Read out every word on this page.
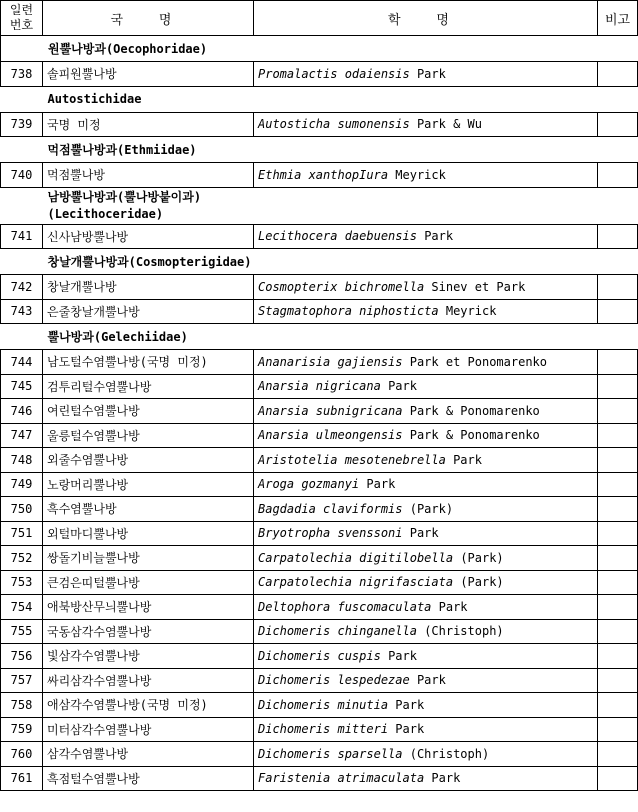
일련
번호	국 명	학 명	비고
원뿔나방과(Oecophoridae)			
738	솔피원뿔나방	Promalactis odaiensis Park	
Autostichidae			
739	국명 미정	Autosticha sumonensis Park & Wu	
먹점뿔나방과(Ethmiidae)			
740	먹점뿔나방	Ethmia xanthopIura Meyrick	
남방뿔나방과(뿔나방붙이과)
(Lecithoceridae)			
741	신사남방뿔나방	Lecithocera daebuensis Park	
창날개뿔나방과(Cosmopterigidae)			
742	창날개뿔나방	Cosmopterix bichromella Sinev et Park	
743	은줄창날개뿔나방	Stagmatophora niphosticta Meyrick	
뿔나방과(Gelechiidae)			
744	남도털수염뿔나방(국명 미정)	Ananarisia gajiensis Park et Ponomarenko	
745	검투리털수염뿔나방	Anarsia nigricana Park	
746	여린털수염뿔나방	Anarsia subnigricana Park & Ponomarenko	
747	울릉털수염뿔나방	Anarsia ulmeongensis Park & Ponomarenko	
748	외줄수염뿔나방	Aristotelia mesotenebrella Park	
749	노랑머리뿔나방	Aroga gozmanyi Park	
750	흑수염뿔나방	Bagdadia claviformis (Park)	
751	외털마디뿔나방	Bryotropha svenssoni Park	
752	쌍돌기비늘뿔나방	Carpatolechia digitilobella (Park)	
753	큰검은띠털뿔나방	Carpatolechia nigrifasciata (Park)	
754	애북방산무늬뿔나방	Deltophora fuscomaculata Park	
755	국동삼각수염뿔나방	Dichomeris chinganella (Christoph)	
756	빛삼각수염뿔나방	Dichomeris cuspis Park	
757	싸리삼각수염뿔나방	Dichomeris lespedezae Park	
758	애삼각수염뿔나방(국명 미정)	Dichomeris minutia Park	
759	미터삼각수염뿔나방	Dichomeris mitteri Park	
760	삼각수염뿔나방	Dichomeris sparsella (Christoph)	
761	흑점털수염뿔나방	Faristenia atrimaculata Park	
